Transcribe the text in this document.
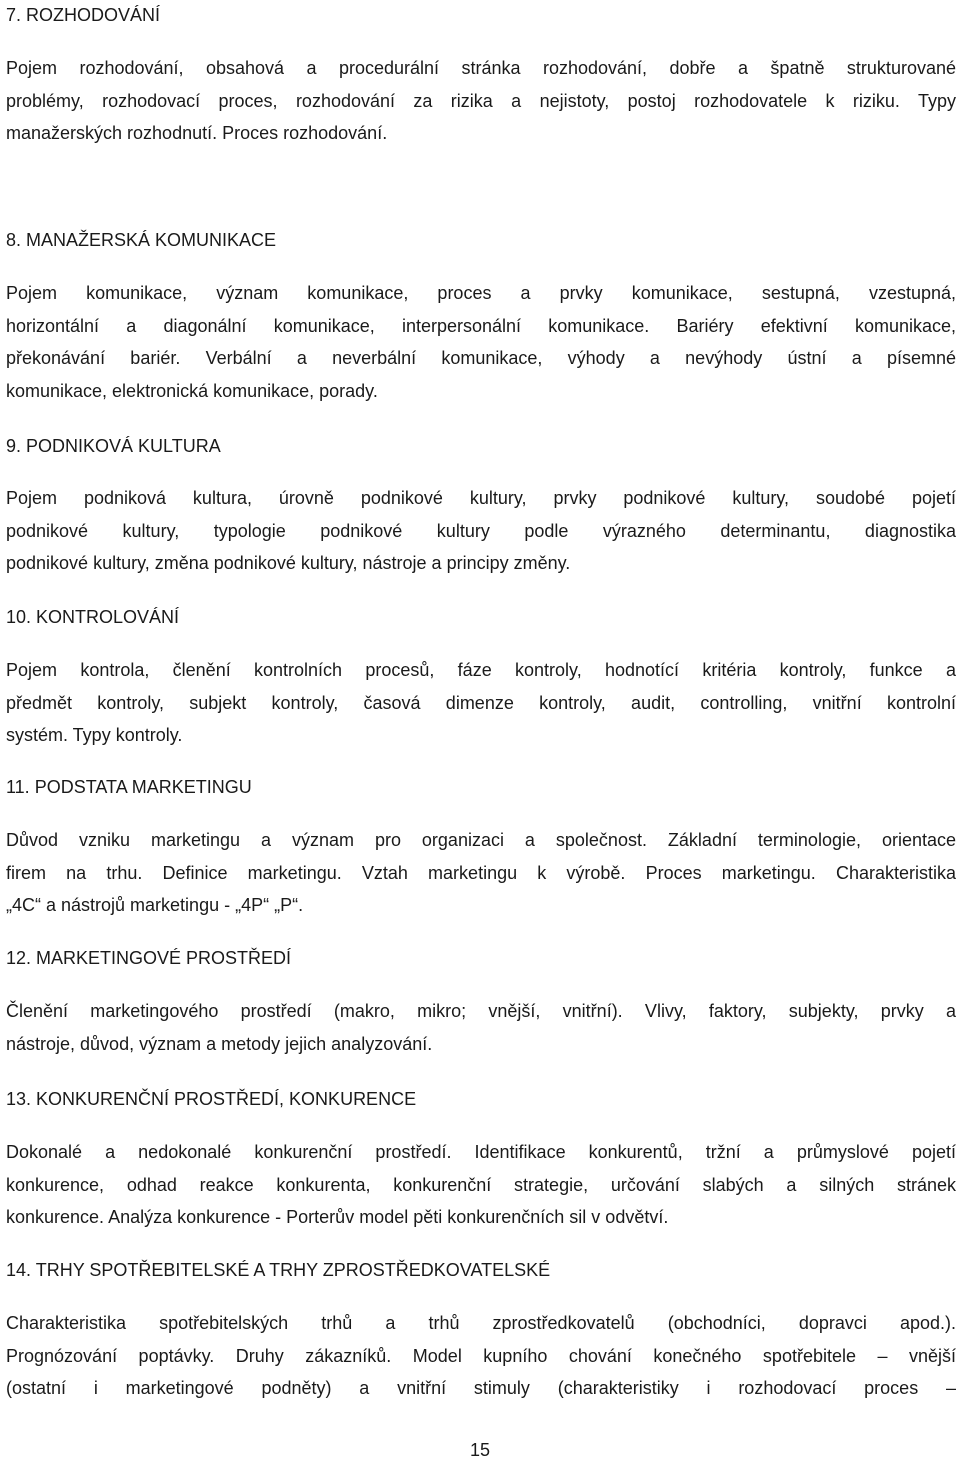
7. ROZHODOVÁNÍ
Pojem rozhodování, obsahová a procedurální stránka rozhodování, dobře a špatně strukturované
problémy, rozhodovací proces, rozhodování za rizika a nejistoty, postoj rozhodovatele k riziku. Typy
manažerských rozhodnutí. Proces rozhodování.
8. MANAŽERSKÁ KOMUNIKACE
Pojem komunikace, význam komunikace, proces a prvky komunikace, sestupná, vzestupná,
horizontální a diagonální komunikace, interpersonální komunikace. Bariéry efektivní komunikace,
překonávání bariér. Verbální a neverbální komunikace, výhody a nevýhody ústní a písemné
komunikace, elektronická komunikace, porady.
9. PODNIKOVÁ KULTURA
Pojem podniková kultura, úrovně podnikové kultury, prvky podnikové kultury, soudobé pojetí
podnikové kultury, typologie podnikové kultury podle výrazného determinantu, diagnostika
podnikové kultury, změna podnikové kultury, nástroje a principy změny.
10. KONTROLOVÁNÍ
Pojem kontrola, členění kontrolních procesů, fáze kontroly, hodnotící kritéria kontroly, funkce a
předmět kontroly, subjekt kontroly, časová dimenze kontroly, audit, controlling, vnitřní kontrolní
systém. Typy kontroly.
11. PODSTATA MARKETINGU
Důvod vzniku marketingu a význam pro organizaci a společnost. Základní terminologie, orientace
firem na trhu. Definice marketingu. Vztah marketingu k výrobě. Proces marketingu. Charakteristika
„4C“ a nástrojů marketingu - „4P“ „P“.
12. MARKETINGOVÉ PROSTŘEDÍ
Členění marketingového prostředí (makro, mikro; vnější, vnitřní). Vlivy, faktory, subjekty, prvky a
nástroje, důvod, význam a metody jejich analyzování.
13. KONKURENČNÍ PROSTŘEDÍ, KONKURENCE
Dokonalé a nedokonalé konkurenční prostředí. Identifikace konkurentů, tržní a průmyslové pojetí
konkurence, odhad reakce konkurenta, konkurenční strategie, určování slabých a silných stránek
konkurence. Analýza konkurence - Porterův model pěti konkurenčních sil v odvětví.
14. TRHY SPOTŘEBITELSKÉ A TRHY ZPROSTŘEDKOVATELSKÉ
Charakteristika spotřebitelských trhů a trhů zprostředkovatelů (obchodníci, dopravci apod.).
Prognózování poptávky. Druhy zákazníků. Model kupního chování konečného spotřebitele – vnější
(ostatní i marketingové podněty) a vnitřní stimuly (charakteristiky i rozhodovací proces –
15
